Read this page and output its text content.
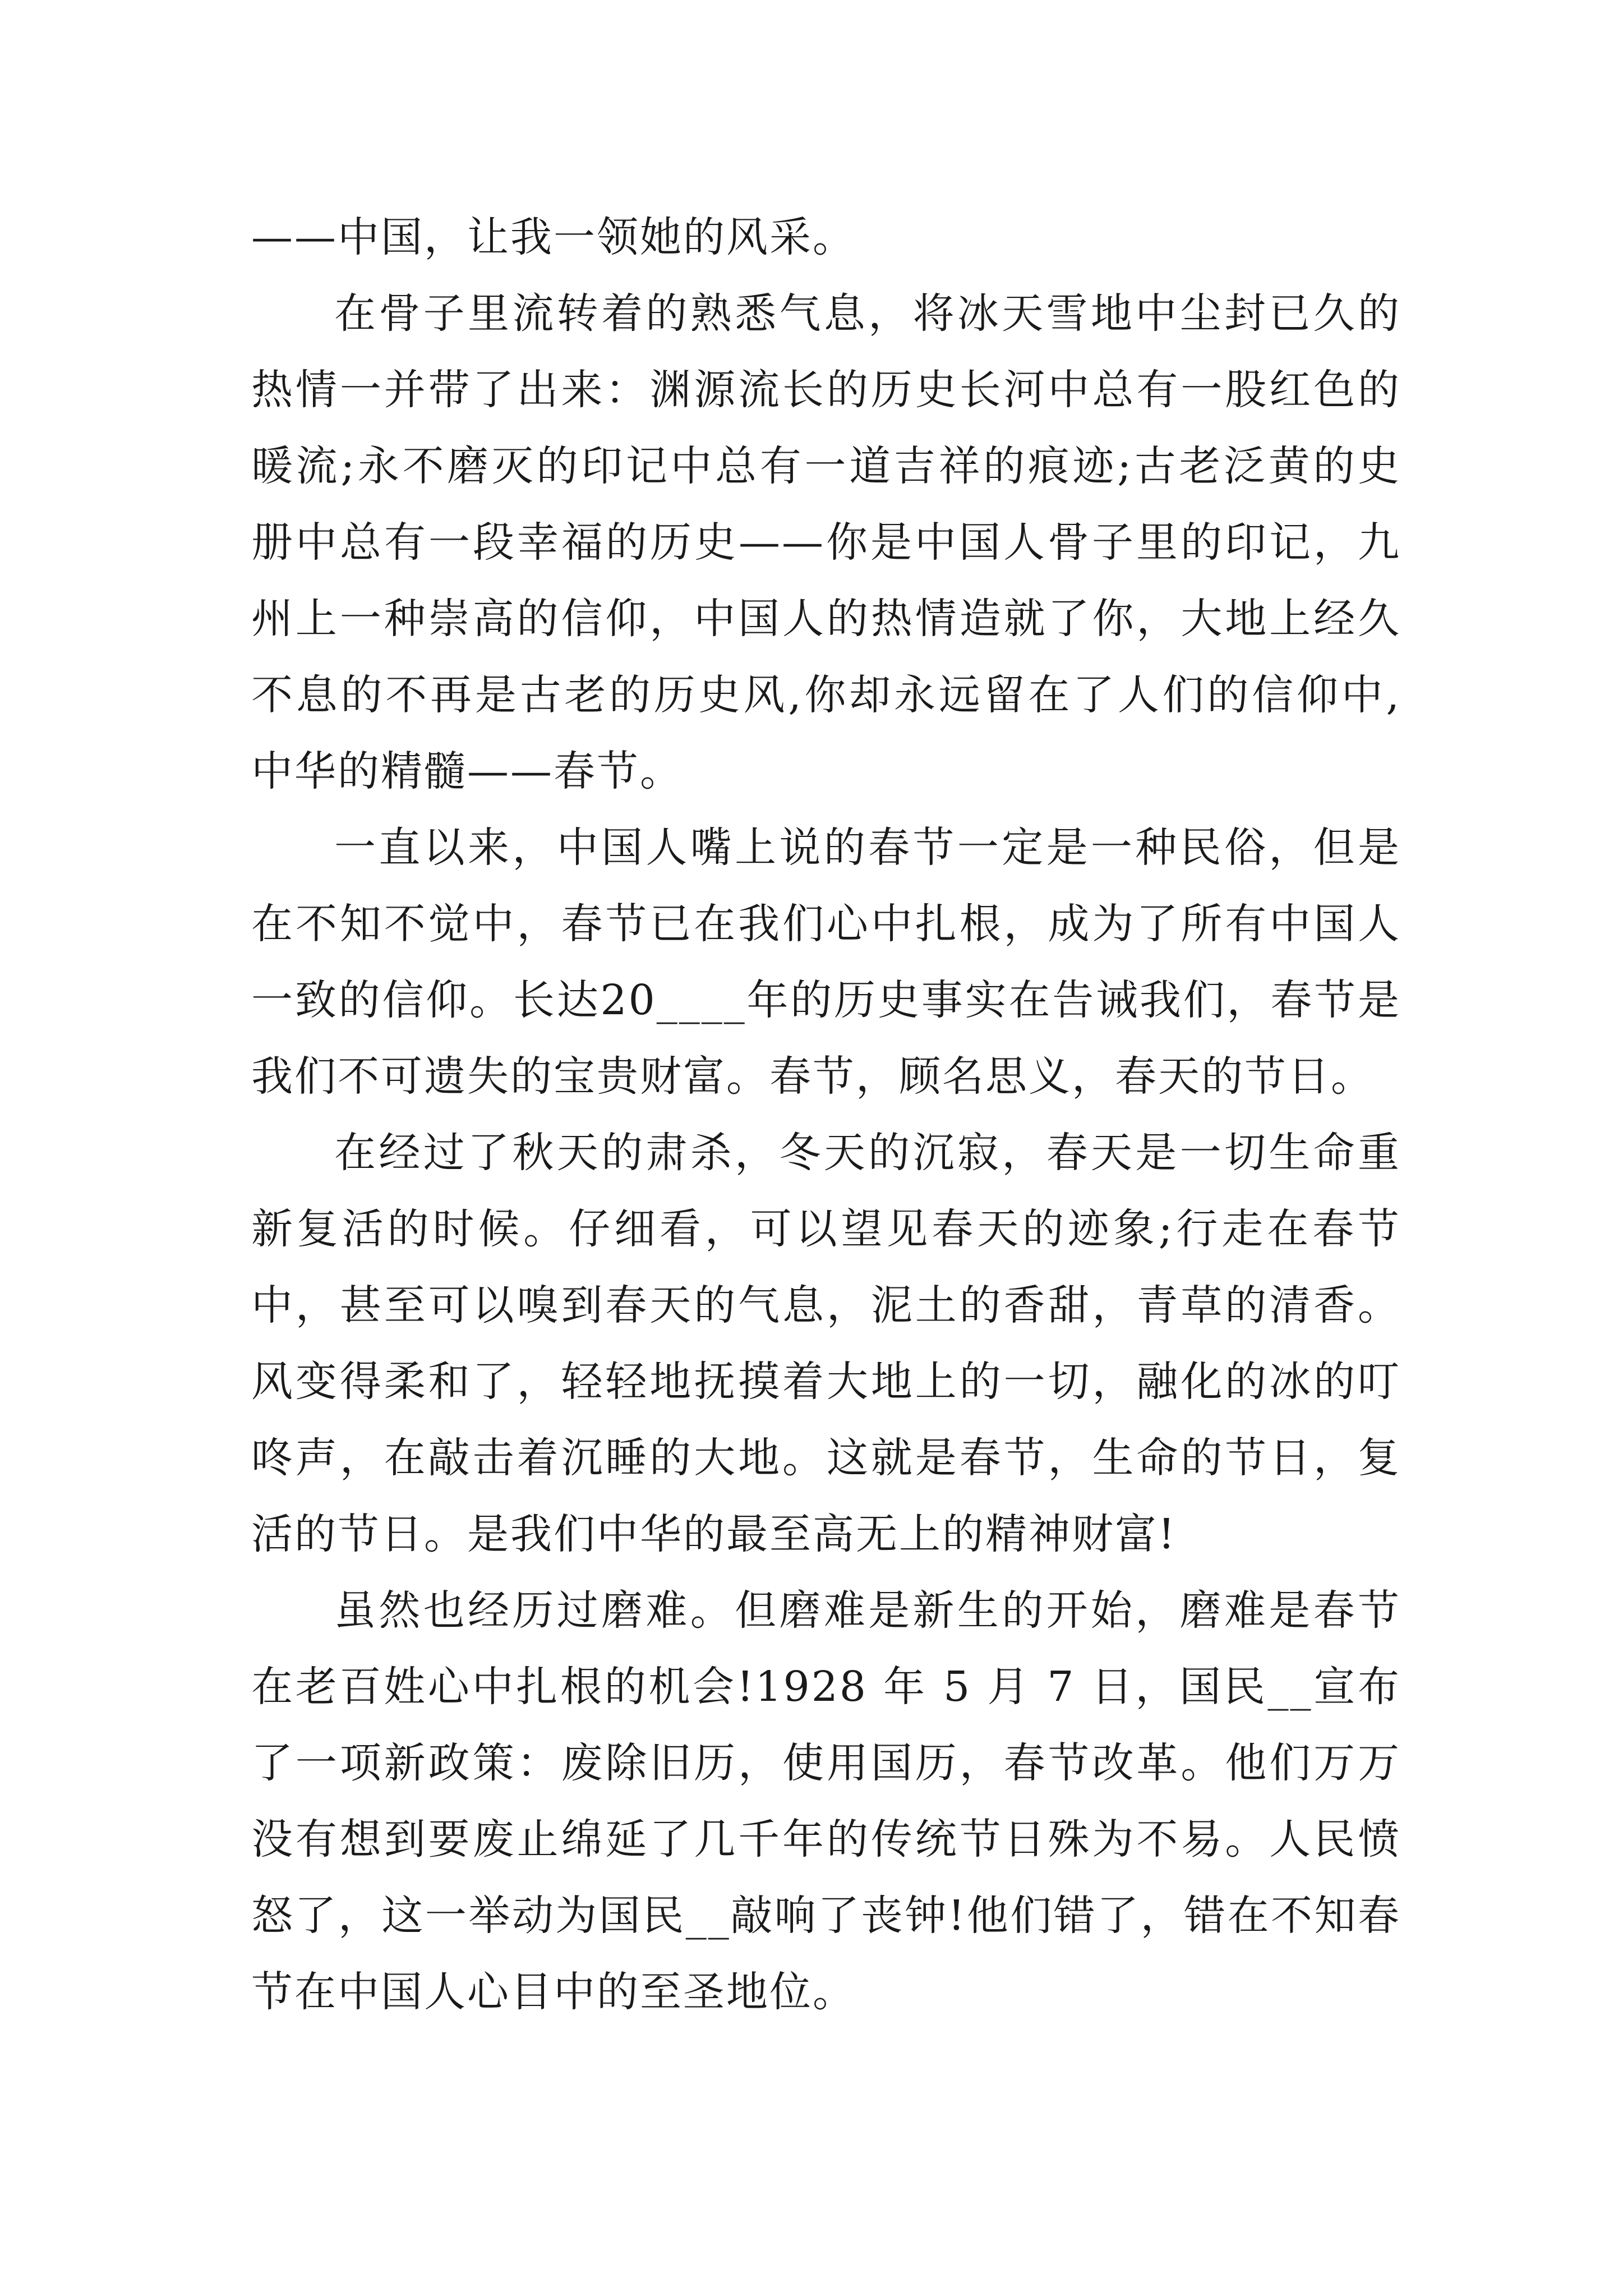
——中国，让我一领她的风采。

在骨子里流转着的熟悉气息，将冰天雪地中尘封已久的热情一并带了出来：渊源流长的历史长河中总有一股红色的暖流;永不磨灭的印记中总有一道吉祥的痕迹;古老泛黄的史册中总有一段幸福的历史——你是中国人骨子里的印记，九州上一种崇高的信仰，中国人的热情造就了你，大地上经久不息的不再是古老的历史风,你却永远留在了人们的信仰中,中华的精髓——春节。

一直以来，中国人嘴上说的春节一定是一种民俗，但是在不知不觉中，春节已在我们心中扎根，成为了所有中国人一致的信仰。长达20____年的历史事实在告诫我们，春节是我们不可遗失的宝贵财富。春节，顾名思义，春天的节日。

在经过了秋天的肃杀，冬天的沉寂，春天是一切生命重新复活的时候。仔细看，可以望见春天的迹象;行走在春节中，甚至可以嗅到春天的气息，泥土的香甜，青草的清香。风变得柔和了，轻轻地抚摸着大地上的一切，融化的冰的叮咚声，在敲击着沉睡的大地。这就是春节，生命的节日，复活的节日。是我们中华的最至高无上的精神财富!

虽然也经历过磨难。但磨难是新生的开始，磨难是春节在老百姓心中扎根的机会!1928 年 5 月 7 日，国民__宣布了一项新政策：废除旧历，使用国历，春节改革。他们万万没有想到要废止绵延了几千年的传统节日殊为不易。人民愤怒了，这一举动为国民__敲响了丧钟!他们错了，错在不知春节在中国人心目中的至圣地位。
